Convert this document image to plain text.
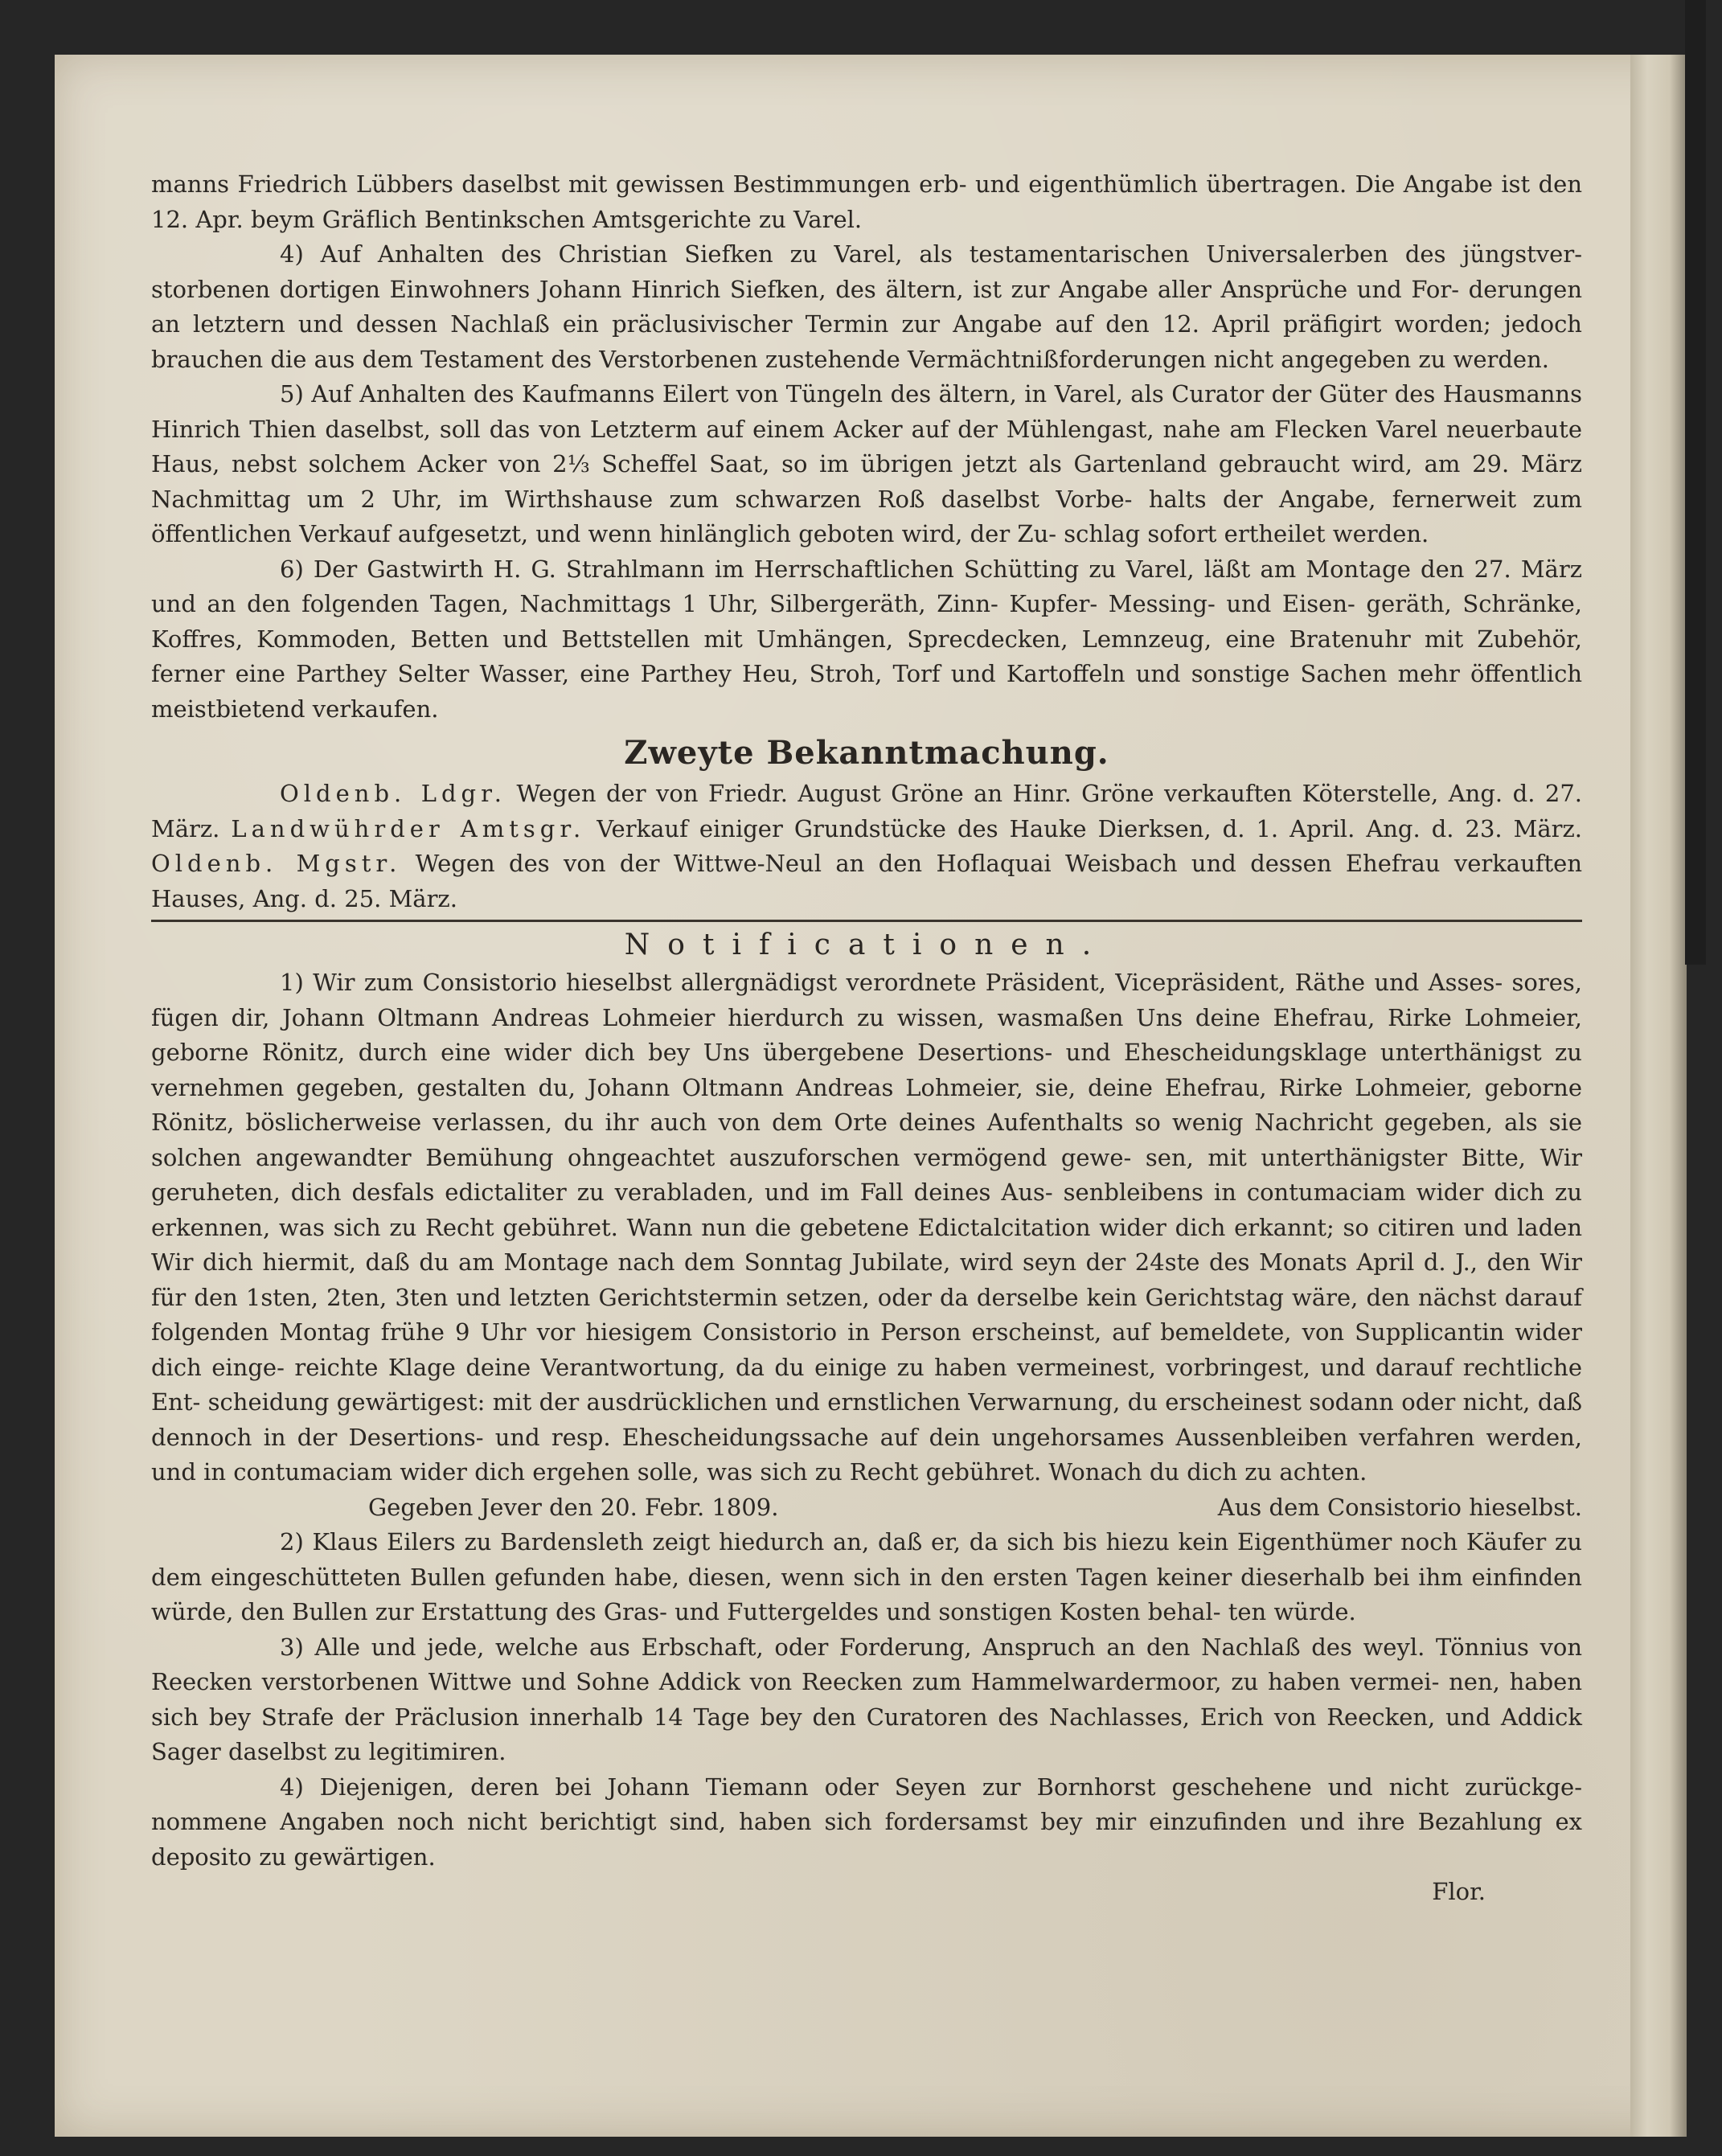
manns Friedrich Lübbers daselbst mit gewissen Bestimmungen erb- und eigenthümlich übertragen. Die Angabe ist den 12. Apr. beym Gräflich Bentinkschen Amtsgerichte zu Varel.

4) Auf Anhalten des Christian Siefken zu Varel, als testamentarischen Universalerben des jüngstver- storbenen dortigen Einwohners Johann Hinrich Siefken, des ältern, ist zur Angabe aller Ansprüche und For- derungen an letztern und dessen Nachlaß ein präclusivischer Termin zur Angabe auf den 12. April präfigirt worden; jedoch brauchen die aus dem Testament des Verstorbenen zustehende Vermächtnißforderungen nicht angegeben zu werden.

5) Auf Anhalten des Kaufmanns Eilert von Tüngeln des ältern, in Varel, als Curator der Güter des Hausmanns Hinrich Thien daselbst, soll das von Letzterm auf einem Acker auf der Mühlengast, nahe am Flecken Varel neuerbaute Haus, nebst solchem Acker von 2⅓ Scheffel Saat, so im übrigen jetzt als Gartenland gebraucht wird, am 29. März Nachmittag um 2 Uhr, im Wirthshause zum schwarzen Roß daselbst Vorbe- halts der Angabe, fernerweit zum öffentlichen Verkauf aufgesetzt, und wenn hinlänglich geboten wird, der Zu- schlag sofort ertheilet werden.

6) Der Gastwirth H. G. Strahlmann im Herrschaftlichen Schütting zu Varel, läßt am Montage den 27. März und an den folgenden Tagen, Nachmittags 1 Uhr, Silbergeräth, Zinn- Kupfer- Messing- und Eisen- geräth, Schränke, Koffres, Kommoden, Betten und Bettstellen mit Umhängen, Sprecdecken, Lemnzeug, eine Bratenuhr mit Zubehör, ferner eine Parthey Selter Wasser, eine Parthey Heu, Stroh, Torf und Kartoffeln und sonstige Sachen mehr öffentlich meistbietend verkaufen.

Zweyte Bekanntmachung.

Oldenb. Ldgr. Wegen der von Friedr. August Gröne an Hinr. Gröne verkauften Köterstelle, Ang. d. 27. März. Landwührder Amtsgr. Verkauf einiger Grundstücke des Hauke Dierksen, d. 1. April. Ang. d. 23. März. Oldenb. Mgstr. Wegen des von der Wittwe-Neul an den Hoflaquai Weisbach und dessen Ehefrau verkauften Hauses, Ang. d. 25. März.

Notificationen.

1) Wir zum Consistorio hieselbst allergnädigst verordnete Präsident, Vicepräsident, Räthe und Asses- sores, fügen dir, Johann Oltmann Andreas Lohmeier hierdurch zu wissen, wasmaßen Uns deine Ehefrau, Rirke Lohmeier, geborne Rönitz, durch eine wider dich bey Uns übergebene Desertions- und Ehescheidungsklage unterthänigst zu vernehmen gegeben, gestalten du, Johann Oltmann Andreas Lohmeier, sie, deine Ehefrau, Rirke Lohmeier, geborne Rönitz, böslicherweise verlassen, du ihr auch von dem Orte deines Aufenthalts so wenig Nachricht gegeben, als sie solchen angewandter Bemühung ohngeachtet auszuforschen vermögend gewe- sen, mit unterthänigster Bitte, Wir geruheten, dich desfals edictaliter zu verabladen, und im Fall deines Aus- senbleibens in contumaciam wider dich zu erkennen, was sich zu Recht gebühret. Wann nun die gebetene Edictalcitation wider dich erkannt; so citiren und laden Wir dich hiermit, daß du am Montage nach dem Sonntag Jubilate, wird seyn der 24ste des Monats April d. J., den Wir für den 1sten, 2ten, 3ten und letzten Gerichtstermin setzen, oder da derselbe kein Gerichtstag wäre, den nächst darauf folgenden Montag frühe 9 Uhr vor hiesigem Consistorio in Person erscheinst, auf bemeldete, von Supplicantin wider dich einge- reichte Klage deine Verantwortung, da du einige zu haben vermeinest, vorbringest, und darauf rechtliche Ent- scheidung gewärtigest: mit der ausdrücklichen und ernstlichen Verwarnung, du erscheinest sodann oder nicht, daß dennoch in der Desertions- und resp. Ehescheidungssache auf dein ungehorsames Aussenbleiben verfahren werden, und in contumaciam wider dich ergehen solle, was sich zu Recht gebühret. Wonach du dich zu achten.

Gegeben Jever den 20. Febr. 1809.	Aus dem Consistorio hieselbst.

2) Klaus Eilers zu Bardensleth zeigt hiedurch an, daß er, da sich bis hiezu kein Eigenthümer noch Käufer zu dem eingeschütteten Bullen gefunden habe, diesen, wenn sich in den ersten Tagen keiner dieserhalb bei ihm einfinden würde, den Bullen zur Erstattung des Gras- und Futtergeldes und sonstigen Kosten behal- ten würde.

3) Alle und jede, welche aus Erbschaft, oder Forderung, Anspruch an den Nachlaß des weyl. Tönnius von Reecken verstorbenen Wittwe und Sohne Addick von Reecken zum Hammelwardermoor, zu haben vermei- nen, haben sich bey Strafe der Präclusion innerhalb 14 Tage bey den Curatoren des Nachlasses, Erich von Reecken, und Addick Sager daselbst zu legitimiren.

4) Diejenigen, deren bei Johann Tiemann oder Seyen zur Bornhorst geschehene und nicht zurückge- nommene Angaben noch nicht berichtigt sind, haben sich fordersamst bey mir einzufinden und ihre Bezahlung ex deposito zu gewärtigen.

Flor.
